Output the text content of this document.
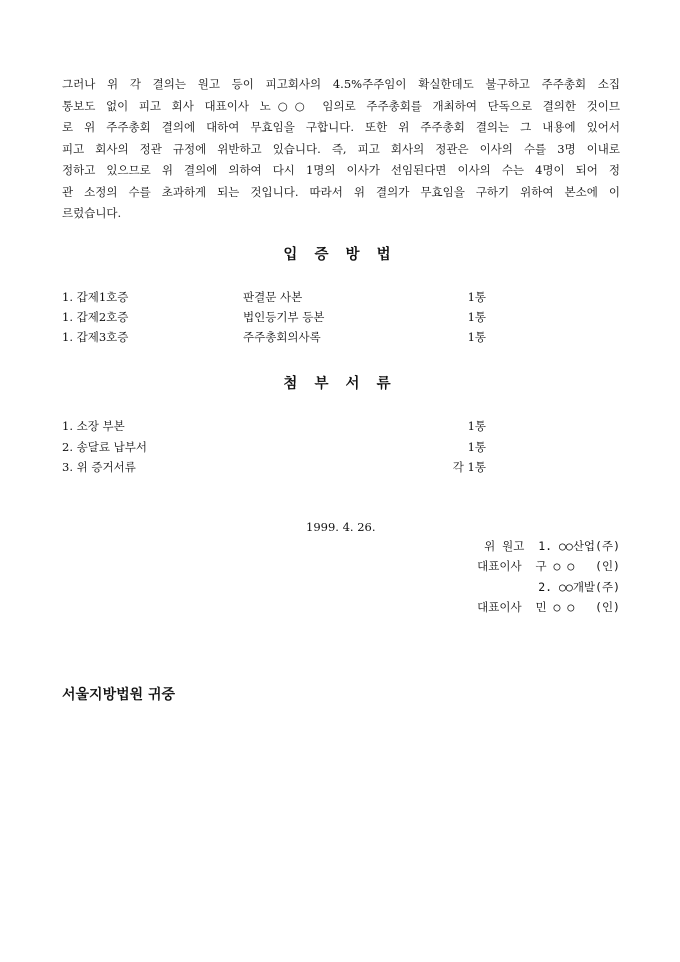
그러나 위 각 결의는 원고 등이 피고회사의 4.5%주주임이 확실한데도 불구하고 주주총회 소집
통보도 없이 피고 회사 대표이사 노○○ 임의로 주주총회를 개최하여 단독으로 결의한 것이므
로 위 주주총회 결의에 대하여 무효임을 구합니다. 또한 위 주주총회 결의는 그 내용에 있어서
피고 회사의 정관 규정에 위반하고 있습니다. 즉, 피고 회사의 정관은 이사의 수를 3명 이내로
정하고 있으므로 위 결의에 의하여 다시 1명의 이사가 선임된다면 이사의 수는 4명이 되어 정
관 소정의 수를 초과하게 되는 것입니다. 따라서 위 결의가 무효임을 구하기 위하여 본소에 이
르렀습니다.
입 증 방 법
1. 갑제1호증	판결문 사본	1통
1. 갑제2호증	법인등기부 등본	1통
1. 갑제3호증	주주총회의사록	1통
첨 부 서 류
1. 소장 부본	1통
2. 송달료 납부서	1통
3. 위 증거서류	각 1통
1999. 4. 26.
위 원고  1. ○○산업(주)
대표이사  구 ○ ○   (인)
2. ○○개발(주)
대표이사  민 ○ ○   (인)
서울지방법원 귀중
